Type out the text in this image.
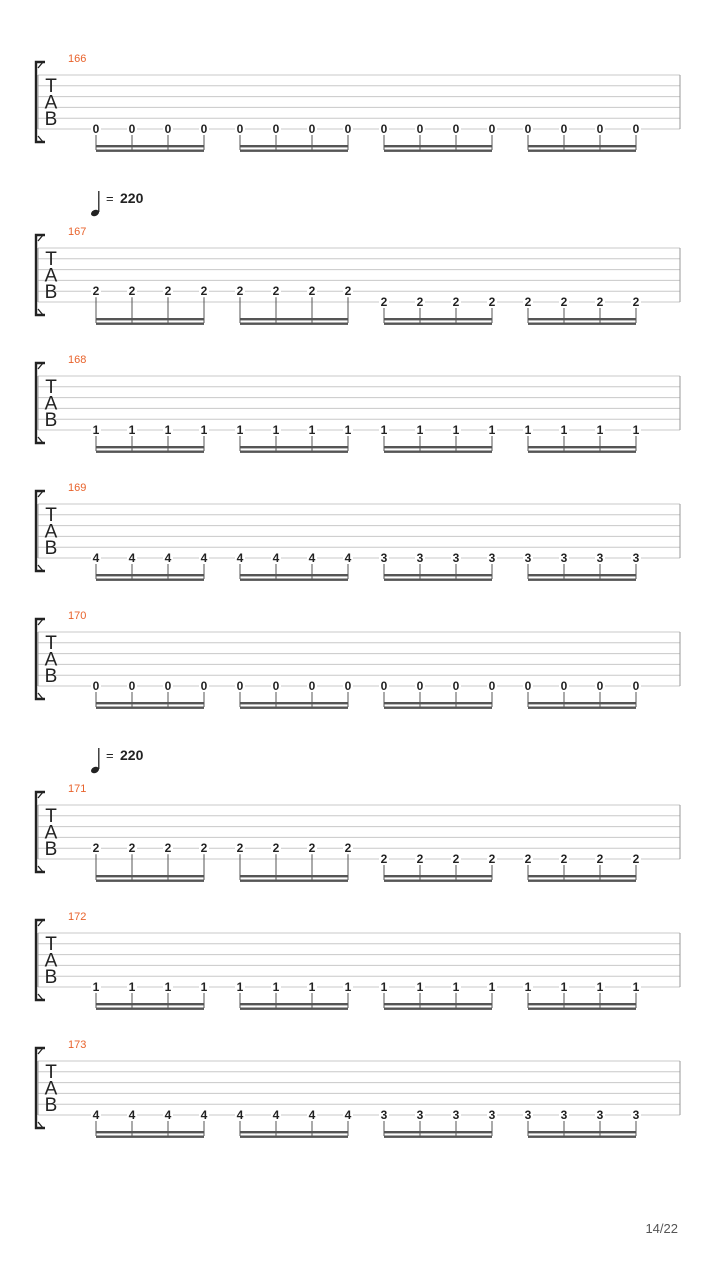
166
T
A
B	0 0 0 0 0 0 0 0 0 0 0 0 0 0 0 0
= 220
167
T
A
B	2 2 2 2 2 2 2 2
2 2 2 2 2 2 2 2
168
T
A
B	1 1 1 1 1 1 1 1 1 1 1 1 1 1 1 1
169
T
A
B	4 4 4 4 4 4 4 4 3 3 3 3 3 3 3 3
170
T
A
B	0 0 0 0 0 0 0 0 0 0 0 0 0 0 0 0
= 220
171
T
A
B	2 2 2 2 2 2 2 2
2 2 2 2 2 2 2 2
172
T
A
B	1 1 1 1 1 1 1 1 1 1 1 1 1 1 1 1
173
T
A
B	4 4 4 4 4 4 4 4 3 3 3 3 3 3 3 3
14/22
